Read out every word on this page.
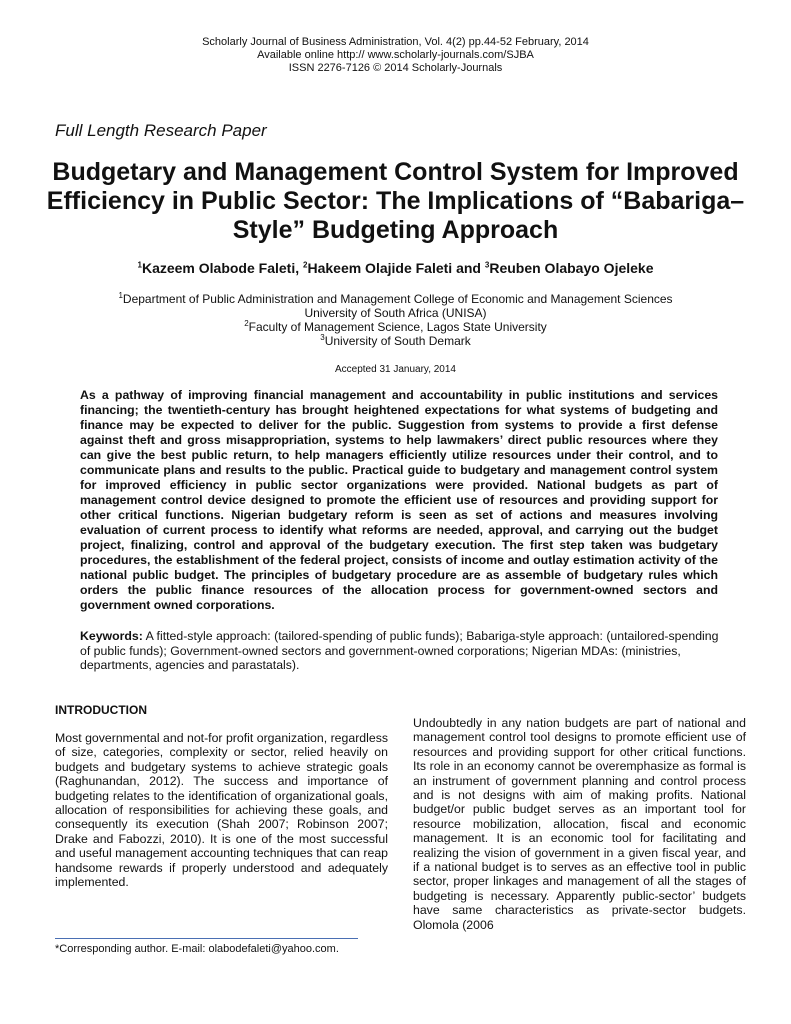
Scholarly Journal of Business Administration, Vol. 4(2) pp.44-52 February, 2014
Available online http:// www.scholarly-journals.com/SJBA
ISSN 2276-7126 © 2014 Scholarly-Journals
Full Length Research Paper
Budgetary and Management Control System for Improved Efficiency in Public Sector: The Implications of “Babariga–Style” Budgeting Approach
$^1$Kazeem Olabode Faleti, $^2$Hakeem Olajide Faleti and $^3$Reuben Olabayo Ojeleke
$^1$Department of Public Administration and Management College of Economic and Management Sciences
University of South Africa (UNISA)
$^2$Faculty of Management Science, Lagos State University
$^3$University of South Demark
Accepted 31 January, 2014
As a pathway of improving financial management and accountability in public institutions and services financing; the twentieth-century has brought heightened expectations for what systems of budgeting and finance may be expected to deliver for the public. Suggestion from systems to provide a first defense against theft and gross misappropriation, systems to help lawmakers’ direct public resources where they can give the best public return, to help managers efficiently utilize resources under their control, and to communicate plans and results to the public. Practical guide to budgetary and management control system for improved efficiency in public sector organizations were provided. National budgets as part of management control device designed to promote the efficient use of resources and providing support for other critical functions. Nigerian budgetary reform is seen as set of actions and measures involving evaluation of current process to identify what reforms are needed, approval, and carrying out the budget project, finalizing, control and approval of the budgetary execution. The first step taken was budgetary procedures, the establishment of the federal project, consists of income and outlay estimation activity of the national public budget. The principles of budgetary procedure are as assemble of budgetary rules which orders the public finance resources of the allocation process for government-owned sectors and government owned corporations.
Keywords: A fitted-style approach: (tailored-spending of public funds); Babariga-style approach: (untailored-spending of public funds); Government-owned sectors and government-owned corporations; Nigerian MDAs: (ministries, departments, agencies and parastatals).
INTRODUCTION
Most governmental and not-for profit organization, regardless of size, categories, complexity or sector, relied heavily on budgets and budgetary systems to achieve strategic goals (Raghunandan, 2012). The success and importance of budgeting relates to the identification of organizational goals, allocation of responsibilities for achieving these goals, and consequently its execution (Shah 2007; Robinson 2007; Drake and Fabozzi, 2010). It is one of the most successful and useful management accounting techniques that can reap handsome rewards if properly understood and adequately implemented.
Undoubtedly in any nation budgets are part of national and management control tool designs to promote efficient use of resources and providing support for other critical functions. Its role in an economy cannot be overemphasize as formal is an instrument of government planning and control process and is not designs with aim of making profits. National budget/or public budget serves as an important tool for resource mobilization, allocation, fiscal and economic management. It is an economic tool for facilitating and realizing the vision of government in a given fiscal year, and if a national budget is to serves as an effective tool in public sector, proper linkages and management of all the stages of budgeting is necessary. Apparently public-sector’ budgets have same characteristics as private-sector budgets. Olomola (2006
*Corresponding author. E-mail: olabodefaleti@yahoo.com.
